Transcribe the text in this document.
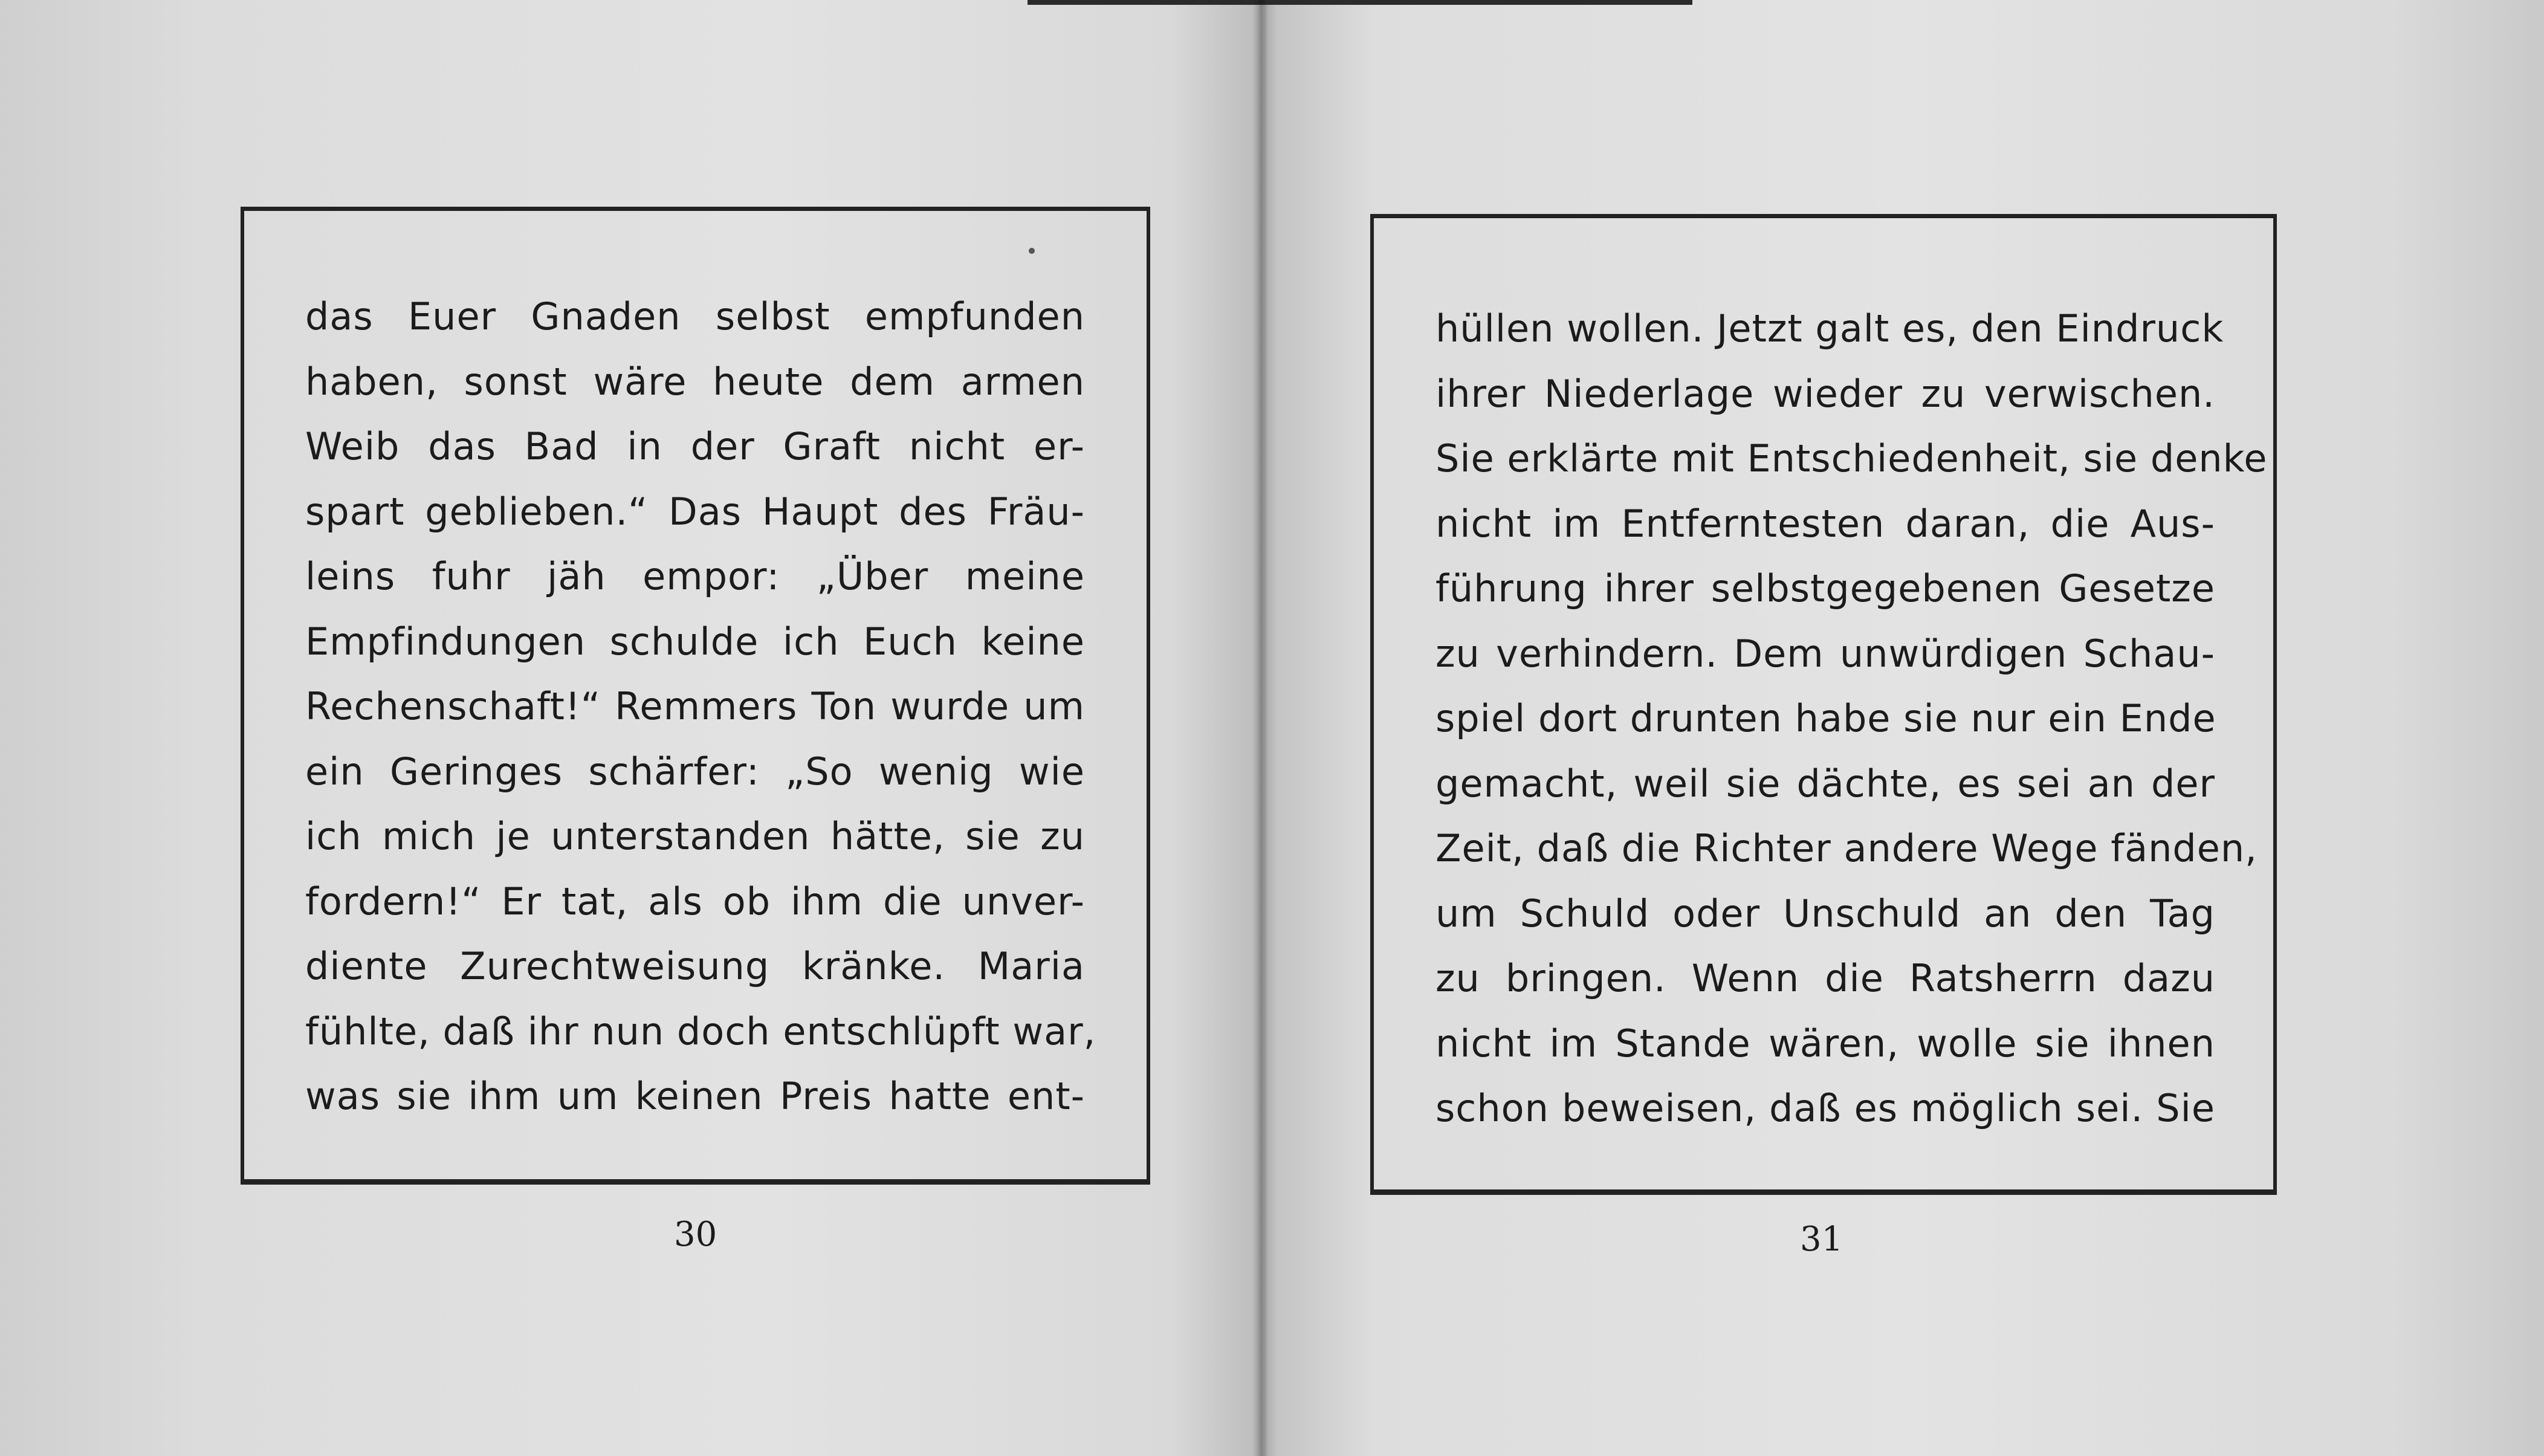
das Euer Gnaden selbst empfunden
haben, sonst wäre heute dem armen
Weib das Bad in der Graft nicht er-
spart geblieben.“ Das Haupt des Fräu-
leins fuhr jäh empor: „Über meine
Empfindungen schulde ich Euch keine
Rechenschaft!“ Remmers Ton wurde um
ein Geringes schärfer: „So wenig wie
ich mich je unterstanden hätte, sie zu
fordern!“ Er tat, als ob ihm die unver-
diente Zurechtweisung kränke. Maria
fühlte, daß ihr nun doch entschlüpft war,
was sie ihm um keinen Preis hatte ent-
hüllen wollen. Jetzt galt es, den Eindruck
ihrer Niederlage wieder zu verwischen.
Sie erklärte mit Entschiedenheit, sie denke
nicht im Entferntesten daran, die Aus-
führung ihrer selbstgegebenen Gesetze
zu verhindern. Dem unwürdigen Schau-
spiel dort drunten habe sie nur ein Ende
gemacht, weil sie dächte, es sei an der
Zeit, daß die Richter andere Wege fänden,
um Schuld oder Unschuld an den Tag
zu bringen. Wenn die Ratsherrn dazu
nicht im Stande wären, wolle sie ihnen
schon beweisen, daß es möglich sei. Sie
30	31
